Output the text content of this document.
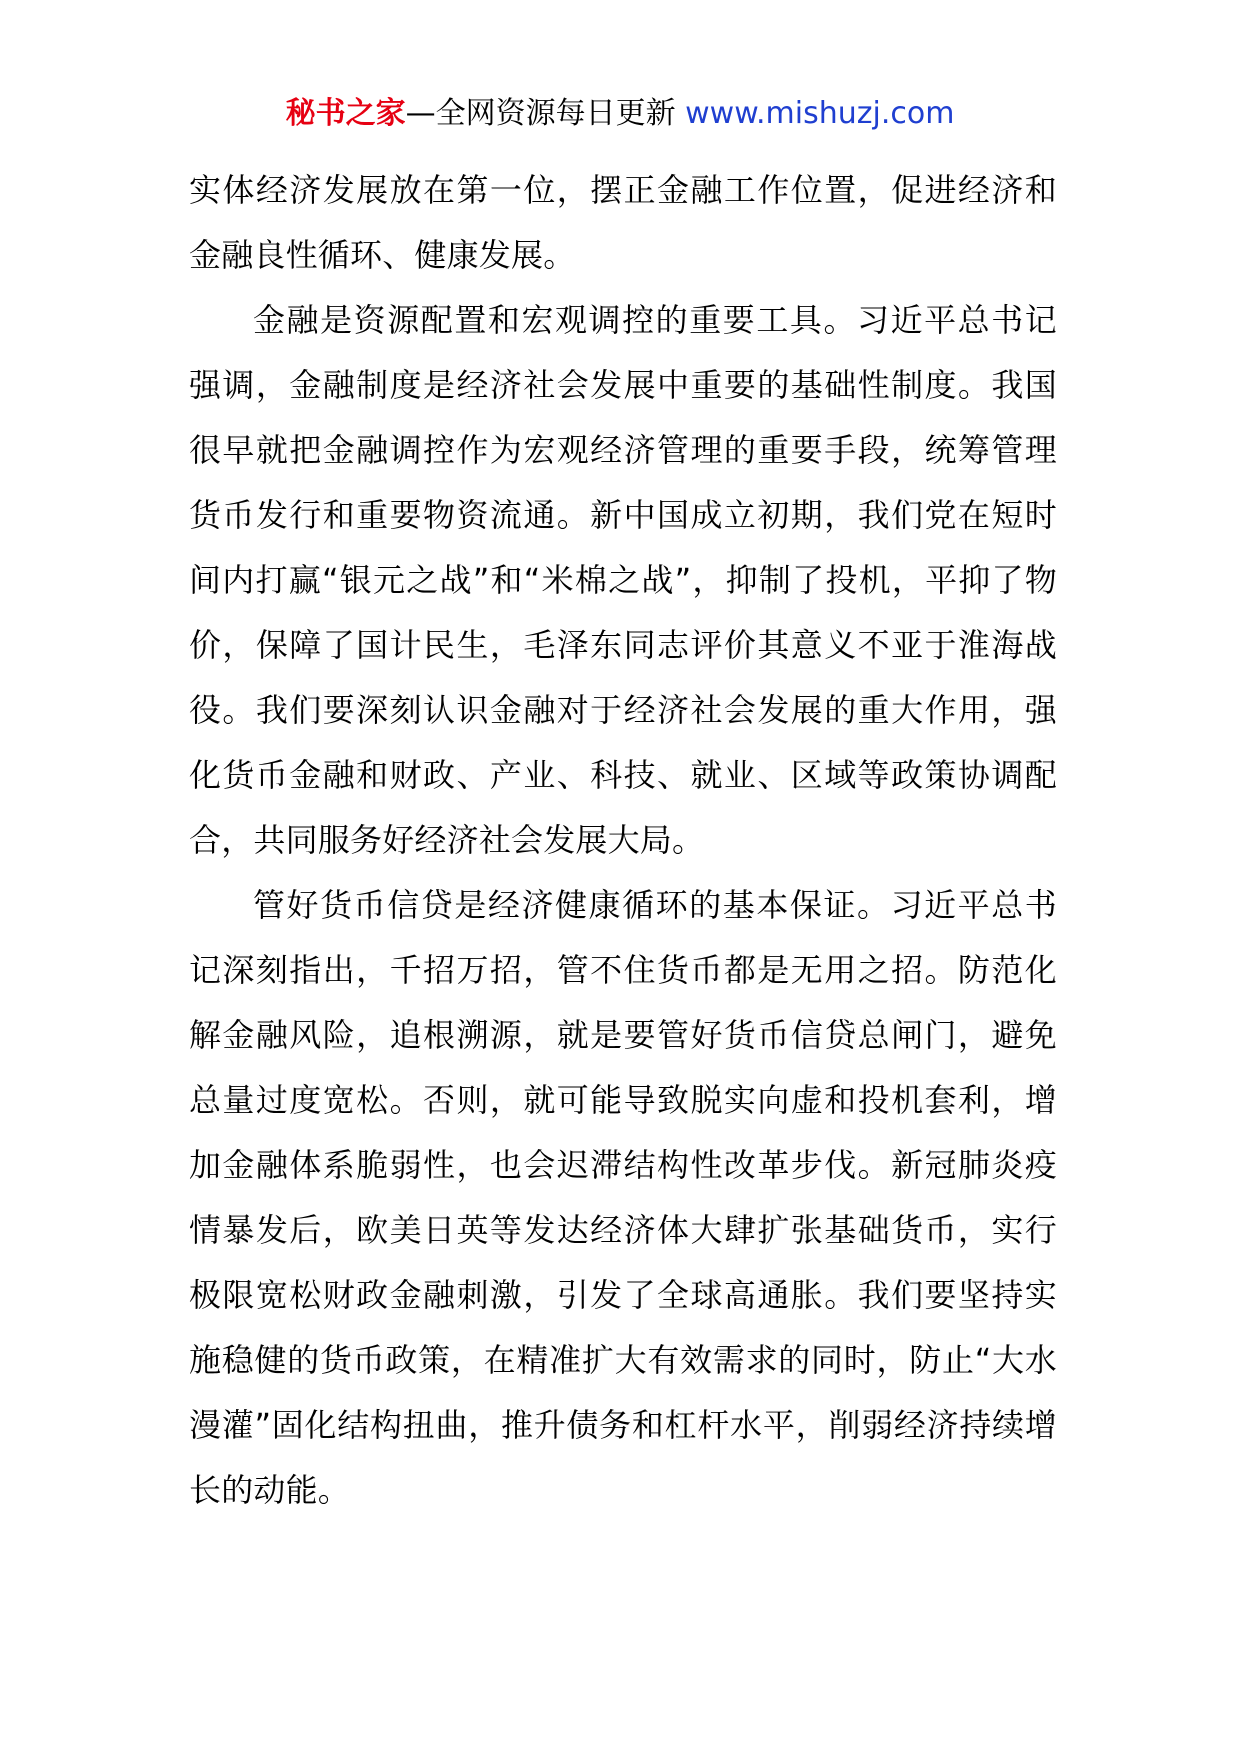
秘书之家—全网资源每日更新 www.mishuzj.com

实体经济发展放在第一位，摆正金融工作位置，促进经济和金融良性循环、健康发展。

金融是资源配置和宏观调控的重要工具。习近平总书记强调，金融制度是经济社会发展中重要的基础性制度。我国很早就把金融调控作为宏观经济管理的重要手段，统筹管理货币发行和重要物资流通。新中国成立初期，我们党在短时间内打赢“银元之战”和“米棉之战”，抑制了投机，平抑了物价，保障了国计民生，毛泽东同志评价其意义不亚于淮海战役。我们要深刻认识金融对于经济社会发展的重大作用，强化货币金融和财政、产业、科技、就业、区域等政策协调配合，共同服务好经济社会发展大局。

管好货币信贷是经济健康循环的基本保证。习近平总书记深刻指出，千招万招，管不住货币都是无用之招。防范化解金融风险，追根溯源，就是要管好货币信贷总闸门，避免总量过度宽松。否则，就可能导致脱实向虚和投机套利，增加金融体系脆弱性，也会迟滞结构性改革步伐。新冠肺炎疫情暴发后，欧美日英等发达经济体大肆扩张基础货币，实行极限宽松财政金融刺激，引发了全球高通胀。我们要坚持实施稳健的货币政策，在精准扩大有效需求的同时，防止“大水漫灌”固化结构扭曲，推升债务和杠杆水平，削弱经济持续增长的动能。
